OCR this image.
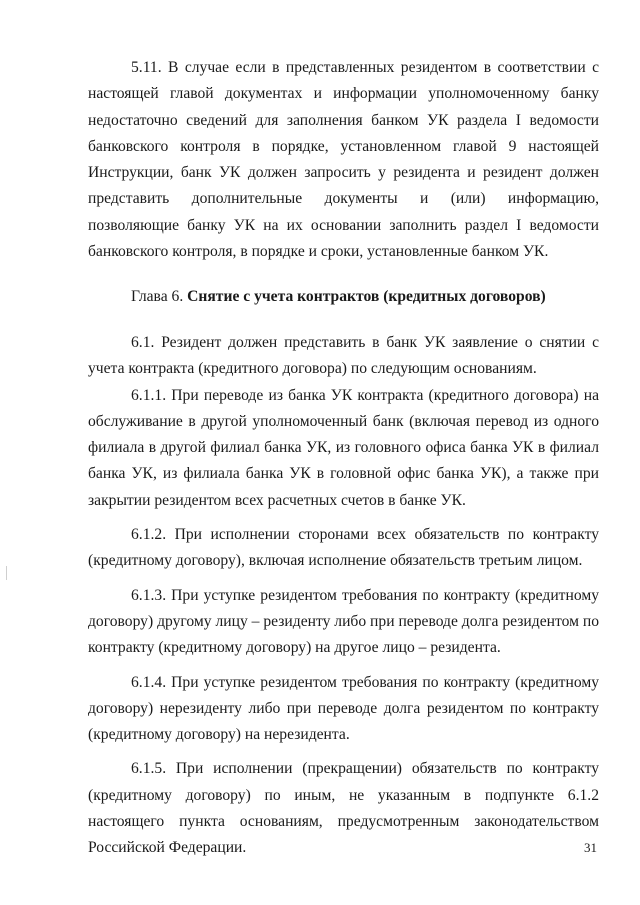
5.11. В случае если в представленных резидентом в соответствии с настоящей главой документах и информации уполномоченному банку недостаточно сведений для заполнения банком УК раздела I ведомости банковского контроля в порядке, установленном главой 9 настоящей Инструкции, банк УК должен запросить у резидента и резидент должен представить дополнительные документы и (или) информацию, позволяющие банку УК на их основании заполнить раздел I ведомости банковского контроля, в порядке и сроки, установленные банком УК.

Глава 6. Снятие с учета контрактов (кредитных договоров)

6.1. Резидент должен представить в банк УК заявление о снятии с учета контракта (кредитного договора) по следующим основаниям.

6.1.1. При переводе из банка УК контракта (кредитного договора) на обслуживание в другой уполномоченный банк (включая перевод из одного филиала в другой филиал банка УК, из головного офиса банка УК в филиал банка УК, из филиала банка УК в головной офис банка УК), а также при закрытии резидентом всех расчетных счетов в банке УК.

6.1.2. При исполнении сторонами всех обязательств по контракту (кредитному договору), включая исполнение обязательств третьим лицом.

6.1.3. При уступке резидентом требования по контракту (кредитному договору) другому лицу – резиденту либо при переводе долга резидентом по контракту (кредитному договору) на другое лицо – резидента.

6.1.4. При уступке резидентом требования по контракту (кредитному договору) нерезиденту либо при переводе долга резидентом по контракту (кредитному договору) на нерезидента.

6.1.5. При исполнении (прекращении) обязательств по контракту (кредитному договору) по иным, не указанным в подпункте 6.1.2 настоящего пункта основаниям, предусмотренным законодательством Российской Федерации.	31
